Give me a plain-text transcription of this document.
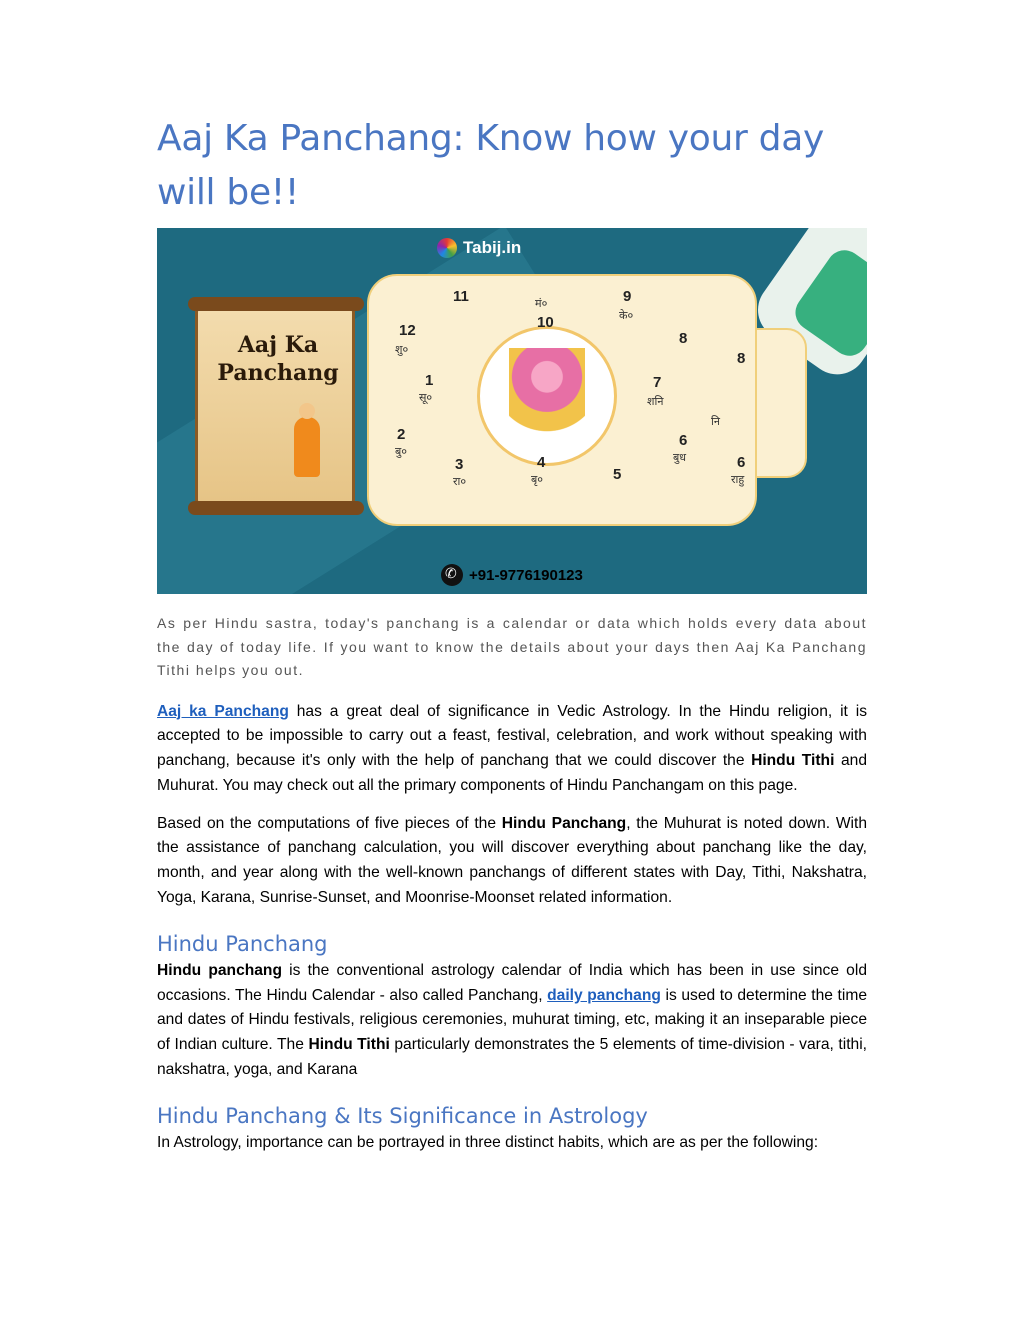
Aaj Ka Panchang: Know how your day will be!!
Tabij.in
Aaj Ka
Panchang
11	9
10
12	8
8
1	7
2	6
3	4
5
6
मं०
के०
शु०
सू०	शनि
नि
बु०	बुध
रा०	राहु
बृ०
✆
+91-9776190123

As per Hindu sastra, today's panchang is a calendar or data which holds every data about the day of today life. If you want to know the details about your days then Aaj Ka Panchang Tithi helps you out.

Aaj ka Panchang has a great deal of significance in Vedic Astrology. In the Hindu religion, it is accepted to be impossible to carry out a feast, festival, celebration, and work without speaking with panchang, because it's only with the help of panchang that we could discover the Hindu Tithi and Muhurat. You may check out all the primary components of Hindu Panchangam on this page.

Based on the computations of five pieces of the Hindu Panchang, the Muhurat is noted down. With the assistance of panchang calculation, you will discover everything about panchang like the day, month, and year along with the well-known panchangs of different states with Day, Tithi, Nakshatra, Yoga, Karana, Sunrise-Sunset, and Moonrise-Moonset related information.

Hindu Panchang

Hindu panchang is the conventional astrology calendar of India which has been in use since old occasions. The Hindu Calendar - also called Panchang, daily panchang is used to determine the time and dates of Hindu festivals, religious ceremonies, muhurat timing, etc, making it an inseparable piece of Indian culture. The Hindu Tithi particularly demonstrates the 5 elements of time-division - vara, tithi, nakshatra, yoga, and Karana

Hindu Panchang & Its Significance in Astrology

In Astrology, importance can be portrayed in three distinct habits, which are as per the following:
